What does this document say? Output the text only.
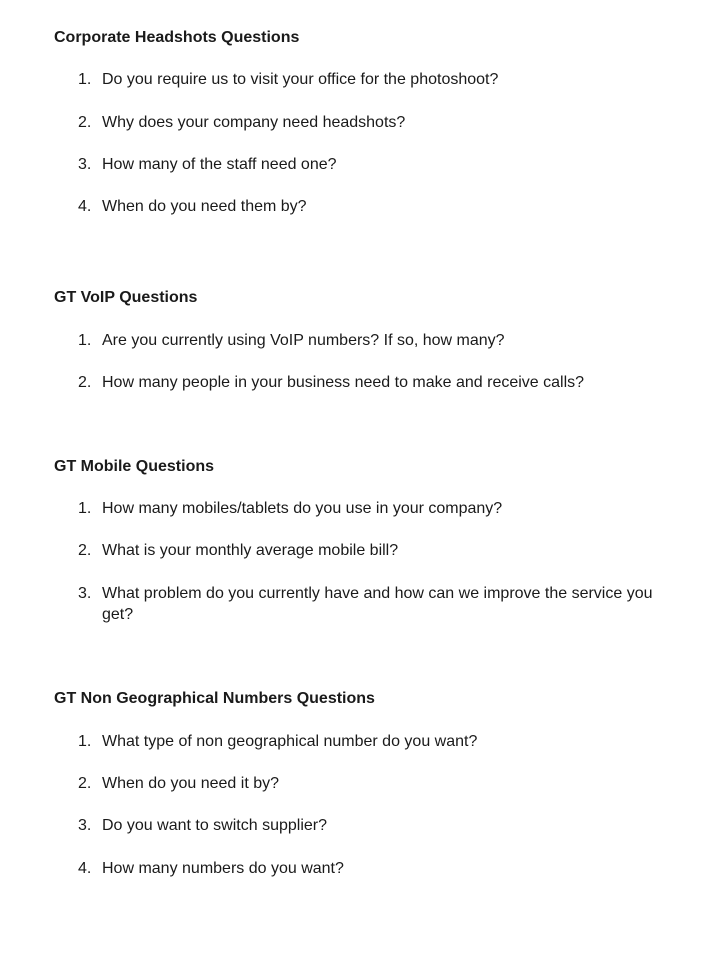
Corporate Headshots Questions
1. Do you require us to visit your office for the photoshoot?
2. Why does your company need headshots?
3. How many of the staff need one?
4. When do you need them by?
GT VoIP Questions
1. Are you currently using VoIP numbers? If so, how many?
2. How many people in your business need to make and receive calls?
GT Mobile Questions
1. How many mobiles/tablets do you use in your company?
2. What is your monthly average mobile bill?
3. What problem do you currently have and how can we improve the service you get?
GT Non Geographical Numbers Questions
1. What type of non geographical number do you want?
2. When do you need it by?
3. Do you want to switch supplier?
4. How many numbers do you want?
